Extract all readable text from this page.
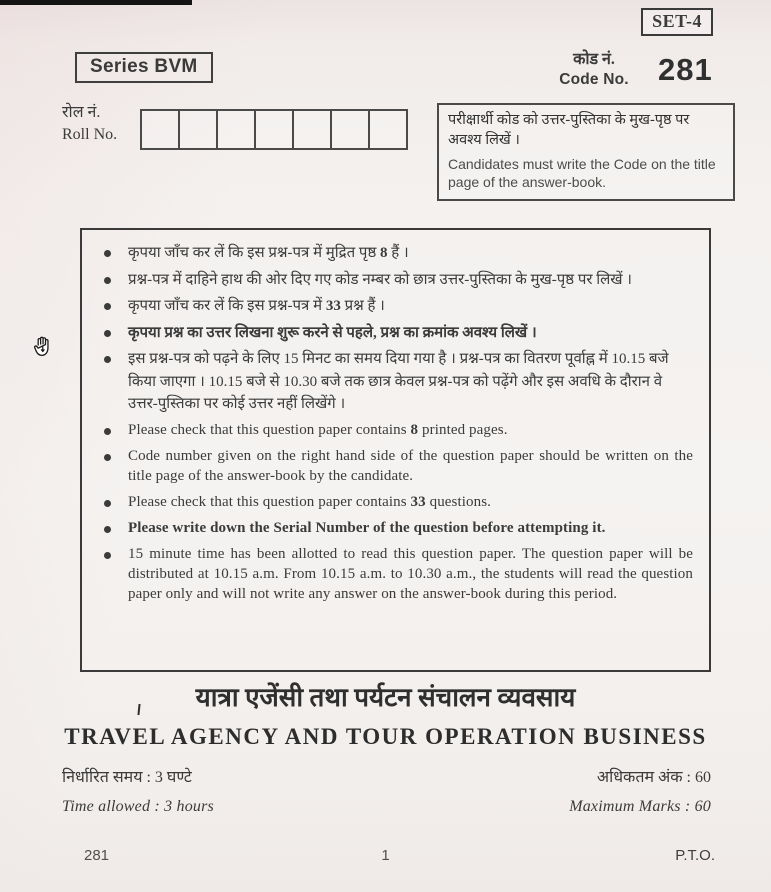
SET-4
Series BVM	कोड नं.
Code No. 281
रोल नं.
Roll No.
परीक्षार्थी कोड को उत्तर-पुस्तिका के मुख-पृष्ठ पर अवश्य लिखें ।
Candidates must write the Code on the title page of the answer-book.
कृपया जाँच कर लें कि इस प्रश्न-पत्र में मुद्रित पृष्ठ 8 हैं ।
प्रश्न-पत्र में दाहिने हाथ की ओर दिए गए कोड नम्बर को छात्र उत्तर-पुस्तिका के मुख-पृष्ठ पर लिखें ।
कृपया जाँच कर लें कि इस प्रश्न-पत्र में 33 प्रश्न हैं ।
कृपया प्रश्न का उत्तर लिखना शुरू करने से पहले, प्रश्न का क्रमांक अवश्य लिखें ।
इस प्रश्न-पत्र को पढ़ने के लिए 15 मिनट का समय दिया गया है । प्रश्न-पत्र का वितरण पूर्वाह्न में 10.15 बजे किया जाएगा । 10.15 बजे से 10.30 बजे तक छात्र केवल प्रश्न-पत्र को पढ़ेंगे और इस अवधि के दौरान वे उत्तर-पुस्तिका पर कोई उत्तर नहीं लिखेंगे ।
Please check that this question paper contains 8 printed pages.
Code number given on the right hand side of the question paper should be written on the title page of the answer-book by the candidate.
Please check that this question paper contains 33 questions.
Please write down the Serial Number of the question before attempting it.
15 minute time has been allotted to read this question paper. The question paper will be distributed at 10.15 a.m. From 10.15 a.m. to 10.30 a.m., the students will read the question paper only and will not write any answer on the answer-book during this period.
यात्रा एजेंसी तथा पर्यटन संचालन व्यवसाय
TRAVEL AGENCY AND TOUR OPERATION BUSINESS
निर्धारित समय : 3 घण्टे
Time allowed : 3 hours
अधिकतम अंक : 60
Maximum Marks : 60
281	1	P.T.O.
